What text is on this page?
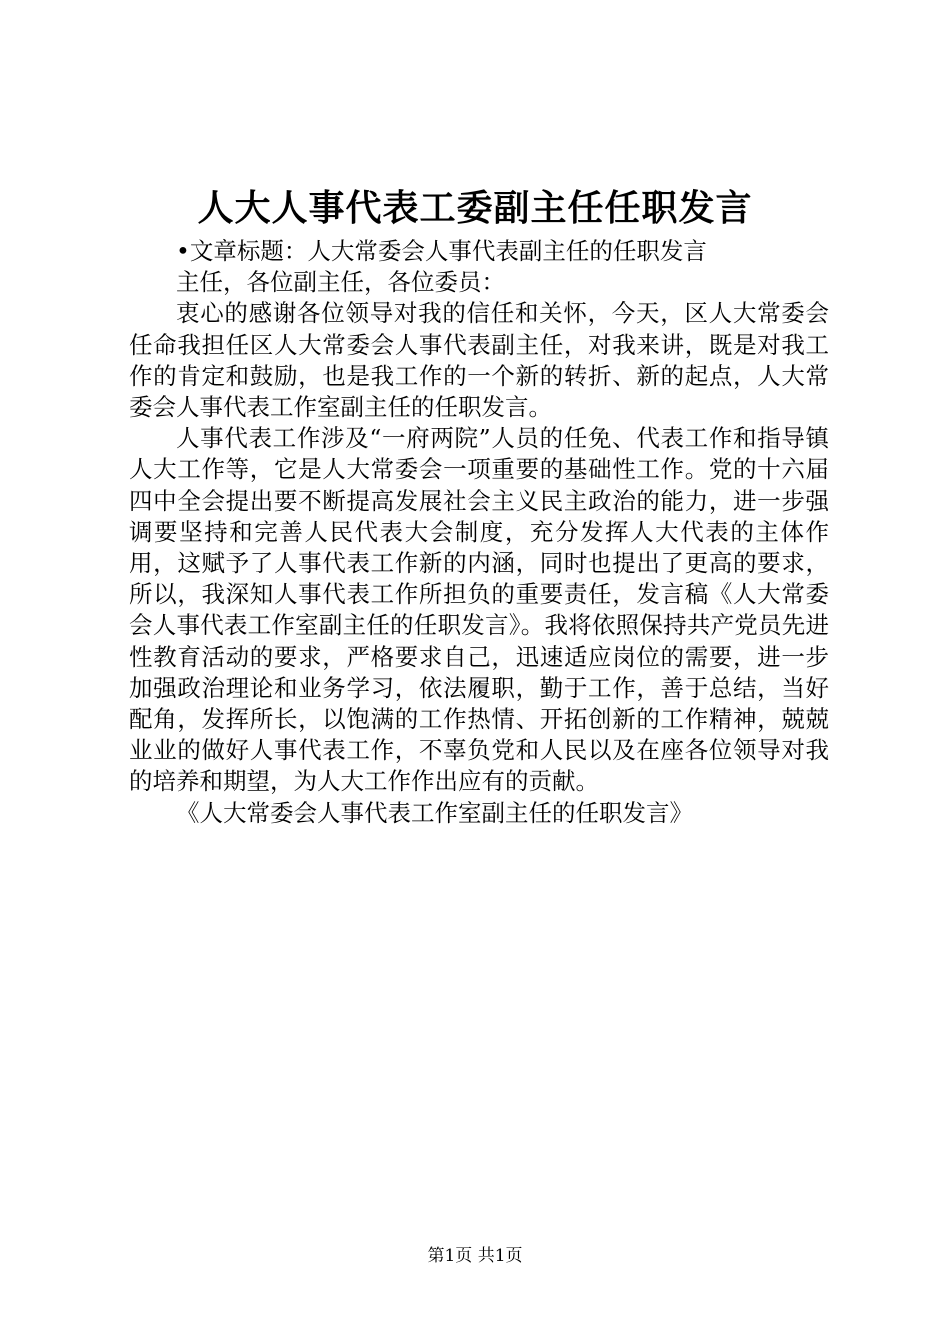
人大人事代表工委副主任任职发言

•文章标题：人大常委会人事代表副主任的任职发言

主任，各位副主任，各位委员：

衷心的感谢各位领导对我的信任和关怀，今天，区人大常委会任命我担任区人大常委会人事代表副主任，对我来讲，既是对我工作的肯定和鼓励，也是我工作的一个新的转折、新的起点，人大常委会人事代表工作室副主任的任职发言。

人事代表工作涉及“一府两院”人员的任免、代表工作和指导镇人大工作等，它是人大常委会一项重要的基础性工作。党的十六届四中全会提出要不断提高发展社会主义民主政治的能力，进一步强调要坚持和完善人民代表大会制度，充分发挥人大代表的主体作用，这赋予了人事代表工作新的内涵，同时也提出了更高的要求，所以，我深知人事代表工作所担负的重要责任，发言稿《人大常委会人事代表工作室副主任的任职发言》。我将依照保持共产党员先进性教育活动的要求，严格要求自己，迅速适应岗位的需要，进一步加强政治理论和业务学习，依法履职，勤于工作，善于总结，当好配角，发挥所长，以饱满的工作热情、开拓创新的工作精神，兢兢业业的做好人事代表工作，不辜负党和人民以及在座各位领导对我的培养和期望，为人大工作作出应有的贡献。

《人大常委会人事代表工作室副主任的任职发言》

第1页 共1页
